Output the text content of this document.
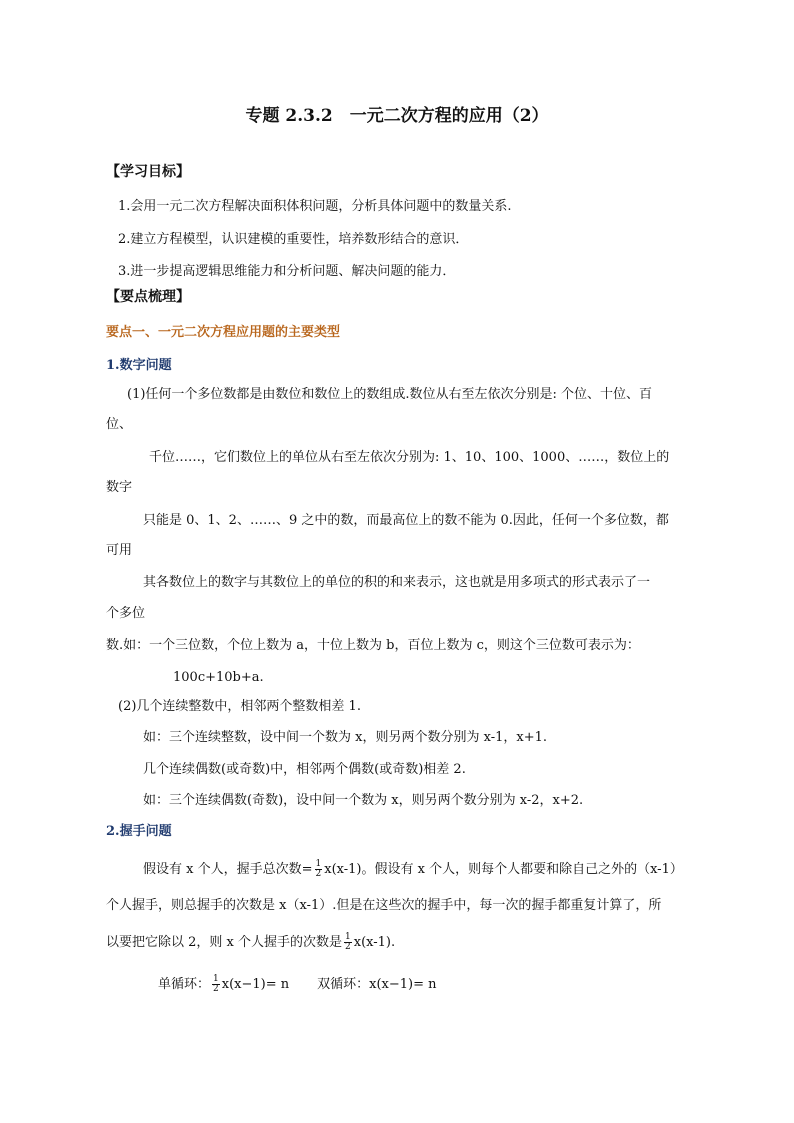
专题 2.3.2　一元二次方程的应用（2）
【学习目标】
1.会用一元二次方程解决面积体积问题，分析具体问题中的数量关系.
2.建立方程模型，认识建模的重要性，培养数形结合的意识．
3.进一步提高逻辑思维能力和分析问题、解决问题的能力．
【要点梳理】
要点一、一元二次方程应用题的主要类型
1.数字问题
(1)任何一个多位数都是由数位和数位上的数组成.数位从右至左依次分别是: 个位、十位、百
位、
千位……，它们数位上的单位从右至左依次分别为: 1、10、100、1000、……，数位上的
数字
只能是 0、1、2、……、9 之中的数，而最高位上的数不能为 0.因此，任何一个多位数，都
可用
其各数位上的数字与其数位上的单位的积的和来表示，这也就是用多项式的形式表示了一
个多位
数.如：一个三位数，个位上数为 a，十位上数为 b，百位上数为 c，则这个三位数可表示为：
100c+10b+a.
(2)几个连续整数中，相邻两个整数相差 1.
如：三个连续整数，设中间一个数为 x，则另两个数分别为 x-1，x+1.
几个连续偶数(或奇数)中，相邻两个偶数(或奇数)相差 2.
如：三个连续偶数(奇数)，设中间一个数为 x，则另两个数分别为 x-2，x+2.
2.握手问题
假设有 x 个人，握手总次数= $\frac{1}{2} x(x-1)$。假设有 x 个人，则每个人都要和除自己之外的（x-1）
个人握手，则总握手的次数是 x（x-1）.但是在这些次的握手中，每一次的握手都重复计算了，所
以要把它除以 2，则 x 个人握手的次数是 $\frac{1}{2} x(x-1)$.
单循环： $\frac{1}{2} x(x-1)= n$ 双循环：x(x−1)= n
